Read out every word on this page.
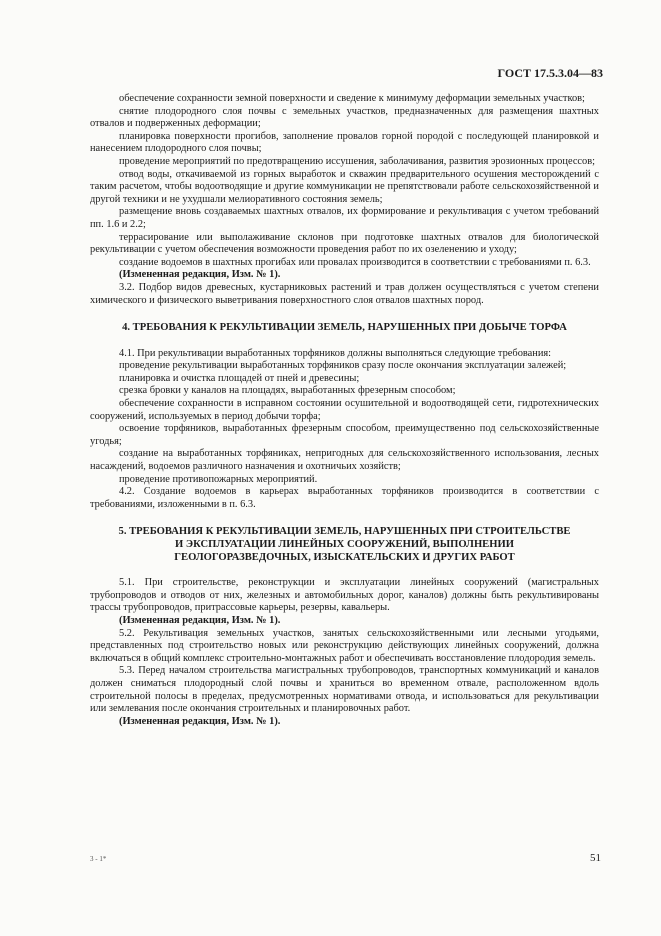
ГОСТ 17.5.3.04—83

обеспечение сохранности земной поверхности и сведение к минимуму деформации земельных участков;

снятие плодородного слоя почвы с земельных участков, предназначенных для размещения шахтных отвалов и подверженных деформации;

планировка поверхности прогибов, заполнение провалов горной породой с последующей планировкой и нанесением плодородного слоя почвы;

проведение мероприятий по предотвращению иссушения, заболачивания, развития эрозионных процессов;

отвод воды, откачиваемой из горных выработок и скважин предварительного осушения месторождений с таким расчетом, чтобы водоотводящие и другие коммуникации не препятствовали работе сельскохозяйственной и другой техники и не ухудшали мелиоративного состояния земель;

размещение вновь создаваемых шахтных отвалов, их формирование и рекультивация с учетом требований пп. 1.6 и 2.2;

террасирование или выполаживание склонов при подготовке шахтных отвалов для биологической рекультивации с учетом обеспечения возможности проведения работ по их озеленению и уходу;

создание водоемов в шахтных прогибах или провалах производится в соответствии с требованиями п. 6.3.

(Измененная редакция, Изм. № 1).

3.2. Подбор видов древесных, кустарниковых растений и трав должен осуществляться с учетом степени химического и физического выветривания поверхностного слоя отвалов шахтных пород.

4. ТРЕБОВАНИЯ К РЕКУЛЬТИВАЦИИ ЗЕМЕЛЬ, НАРУШЕННЫХ ПРИ ДОБЫЧЕ ТОРФА

4.1. При рекультивации выработанных торфяников должны выполняться следующие требования:

проведение рекультивации выработанных торфяников сразу после окончания эксплуатации залежей;

планировка и очистка площадей от пней и древесины;

срезка бровки у каналов на площадях, выработанных фрезерным способом;

обеспечение сохранности в исправном состоянии осушительной и водоотводящей сети, гидротехнических сооружений, используемых в период добычи торфа;

освоение торфяников, выработанных фрезерным способом, преимущественно под сельскохозяйственные угодья;

создание на выработанных торфяниках, непригодных для сельскохозяйственного использования, лесных насаждений, водоемов различного назначения и охотничьих хозяйств;

проведение противопожарных мероприятий.

4.2. Создание водоемов в карьерах выработанных торфяников производится в соответствии с требованиями, изложенными в п. 6.3.

5. ТРЕБОВАНИЯ К РЕКУЛЬТИВАЦИИ ЗЕМЕЛЬ, НАРУШЕННЫХ ПРИ СТРОИТЕЛЬСТВЕ
И ЭКСПЛУАТАЦИИ ЛИНЕЙНЫХ СООРУЖЕНИЙ, ВЫПОЛНЕНИИ
ГЕОЛОГОРАЗВЕДОЧНЫХ, ИЗЫСКАТЕЛЬСКИХ И ДРУГИХ РАБОТ

5.1. При строительстве, реконструкции и эксплуатации линейных сооружений (магистральных трубопроводов и отводов от них, железных и автомобильных дорог, каналов) должны быть рекультивированы трассы трубопроводов, притрассовые карьеры, резервы, кавальеры.

(Измененная редакция, Изм. № 1).

5.2. Рекультивация земельных участков, занятых сельскохозяйственными или лесными угодьями, представленных под строительство новых или реконструкцию действующих линейных сооружений, должна включаться в общий комплекс строительно-монтажных работ и обеспечивать восстановление плодородия земель.

5.3. Перед началом строительства магистральных трубопроводов, транспортных коммуникаций и каналов должен сниматься плодородный слой почвы и храниться во временном отвале, расположенном вдоль строительной полосы в пределах, предусмотренных нормативами отвода, и использоваться для рекультивации или землевания после окончания строительных и планировочных работ.

(Измененная редакция, Изм. № 1).

3 - 1*	51
